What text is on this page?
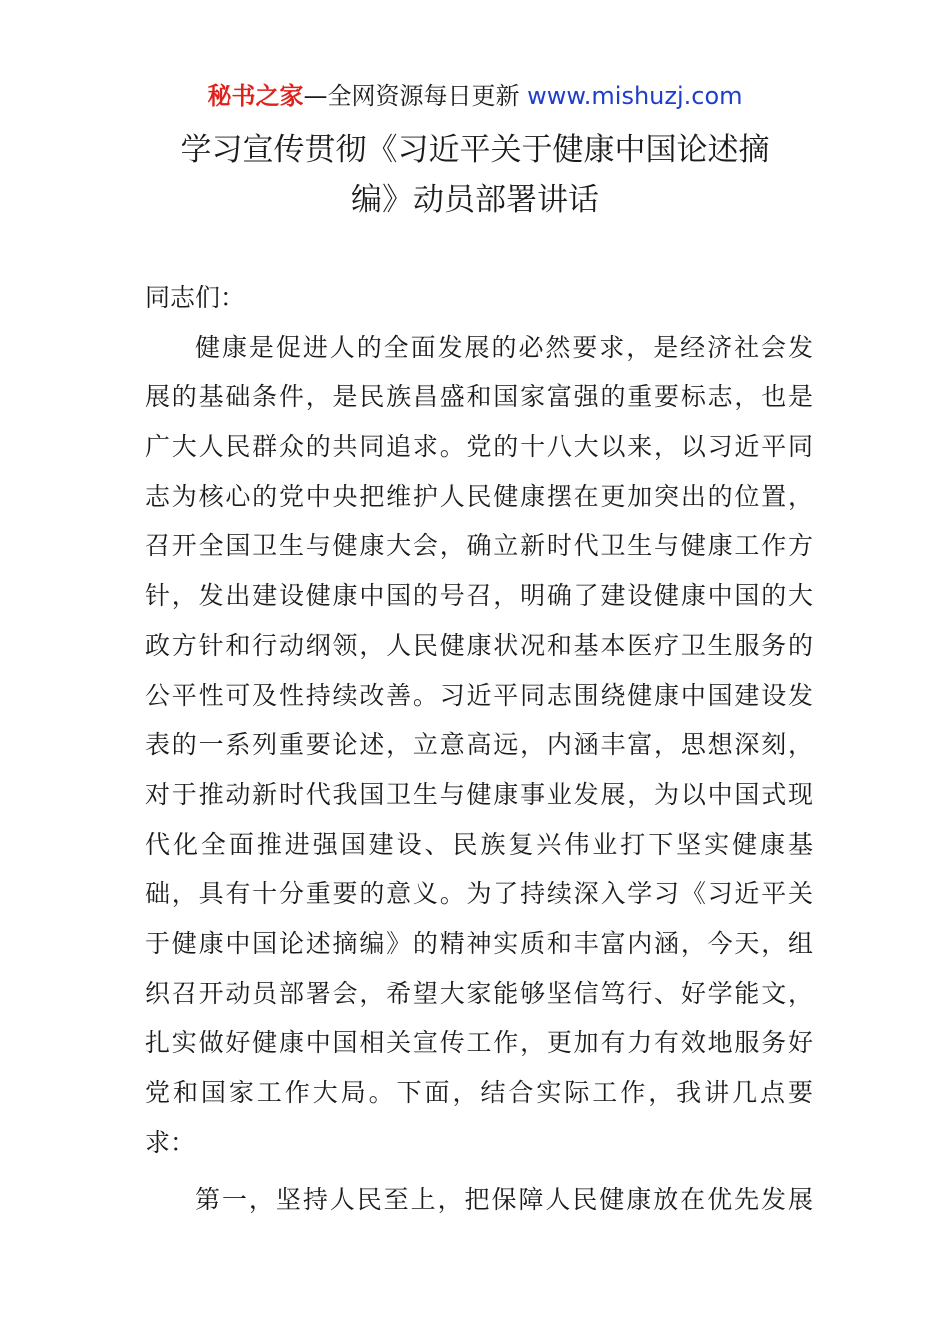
秘书之家—全网资源每日更新 www.mishuzj.com
学习宣传贯彻《习近平关于健康中国论述摘
编》动员部署讲话
同志们：
健康是促进人的全面发展的必然要求，是经济社会发
展的基础条件，是民族昌盛和国家富强的重要标志，也是
广大人民群众的共同追求。党的十八大以来，以习近平同
志为核心的党中央把维护人民健康摆在更加突出的位置，
召开全国卫生与健康大会，确立新时代卫生与健康工作方
针，发出建设健康中国的号召，明确了建设健康中国的大
政方针和行动纲领，人民健康状况和基本医疗卫生服务的
公平性可及性持续改善。习近平同志围绕健康中国建设发
表的一系列重要论述，立意高远，内涵丰富，思想深刻，
对于推动新时代我国卫生与健康事业发展，为以中国式现
代化全面推进强国建设、民族复兴伟业打下坚实健康基
础，具有十分重要的意义。为了持续深入学习《习近平关
于健康中国论述摘编》的精神实质和丰富内涵，今天，组
织召开动员部署会，希望大家能够坚信笃行、好学能文，
扎实做好健康中国相关宣传工作，更加有力有效地服务好
党和国家工作大局。下面，结合实际工作，我讲几点要
求：
第一，坚持人民至上，把保障人民健康放在优先发展
